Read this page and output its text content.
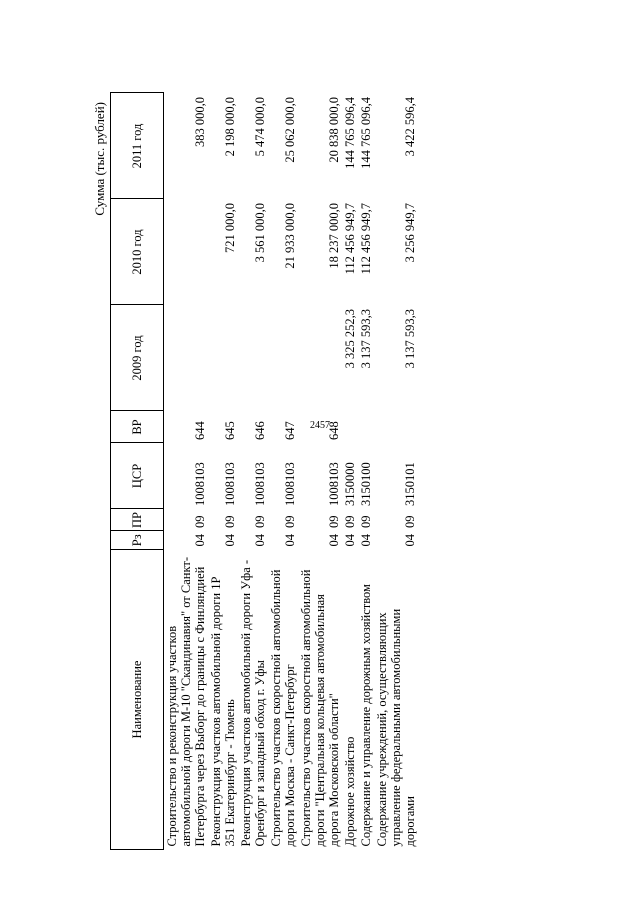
2457
Сумма (тыс. рублей)
Наименование	Рз	ПР	ЦСР	ВР	2009 год	2010 год	2011 год
Строительство и реконструкция участков автомобильной дороги М-10 "Скандинавия" от Санкт-Петербурга через Выборг до границы с Финляндией	04	09	1008103	644			383 000,0
Реконструкция участков автомобильной дороги 1Р 351 Екатеринбург - Тюмень	04	09	1008103	645		721 000,0	2 198 000,0
Реконструкция участков автомобильной дороги Уфа - Оренбург и западный обход г. Уфы	04	09	1008103	646		3 561 000,0	5 474 000,0
Строительство участков скоростной автомобильной дороги Москва - Санкт-Петербург	04	09	1008103	647		21 933 000,0	25 062 000,0
Строительство участков скоростной автомобильной дороги "Центральная кольцевая автомобильная дорога Московской области"	04	09	1008103	648		18 237 000,0	20 838 000,0
Дорожное хозяйство	04	09	3150000		3 325 252,3	112 456 949,7	144 765 096,4
Содержание и управление дорожным хозяйством	04	09	3150100		3 137 593,3	112 456 949,7	144 765 096,4
Содержание учреждений, осуществляющих управление федеральными автомобильными дорогами	04	09	3150101		3 137 593,3	3 256 949,7	3 422 596,4
